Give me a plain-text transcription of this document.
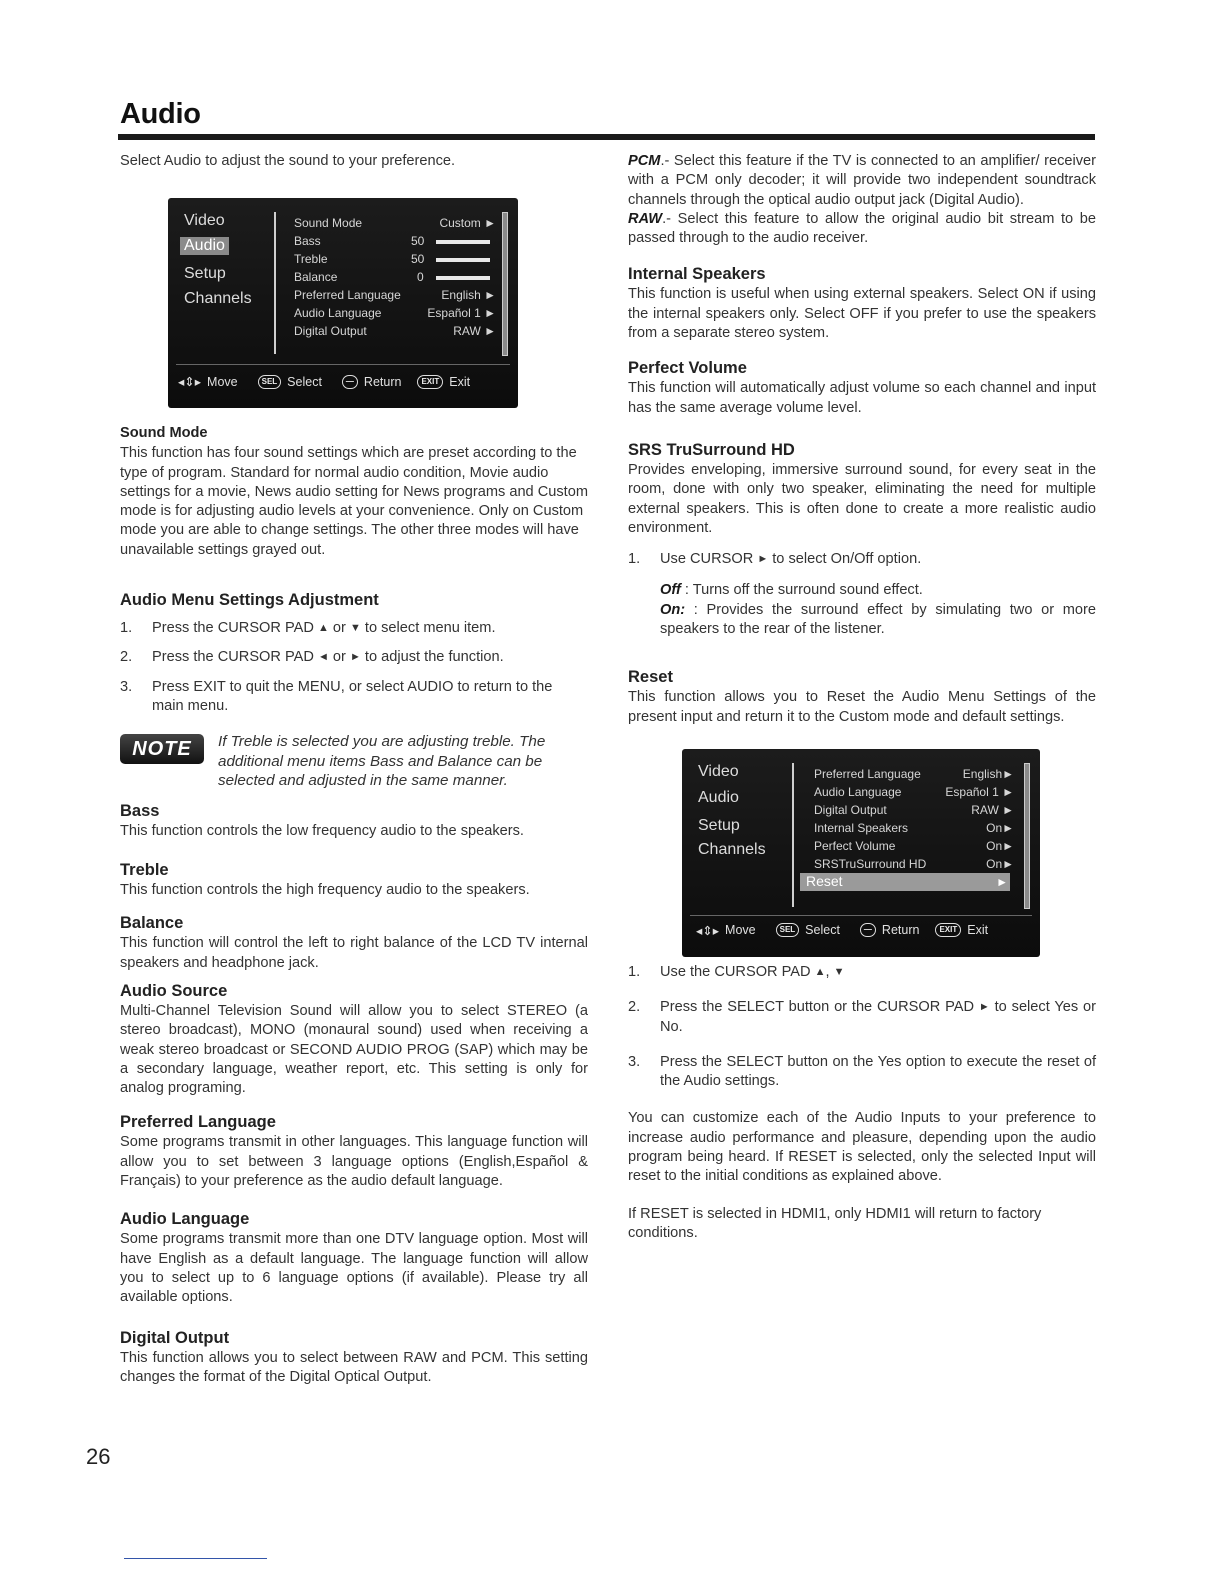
Audio

Select Audio to adjust the sound to your preference.

Video
Audio
Setup
Channels
Sound Mode	Custom ►
Bass	50
Treble	50
Balance	0
Preferred Language	English ►
Audio Language	Español 1 ►
Digital Output	RAW ►
◂⇕▸ Move	SEL Select	— Return	EXIT Exit

Sound Mode

This function has four sound settings which are preset according to the type of program. Standard for normal audio condition, Movie audio settings for a movie, News audio setting for News programs and Custom mode is for adjusting audio levels at your convenience. Only on Custom mode you are able to change settings. The other three modes will have unavailable settings grayed out.

Audio Menu Settings Adjustment

1.	Press the CURSOR PAD ▲ or ▼ to select menu item.
2.	Press the CURSOR PAD ◄ or ► to adjust the function.
3.	Press EXIT to quit the MENU, or select AUDIO to return to the main menu.
NOTE	If Treble is selected you are adjusting treble. The additional menu items Bass and Balance can be selected and adjusted in the same manner.

Bass

This function controls the low frequency audio to the speakers.

Treble

This function controls the high frequency audio to the speakers.

Balance

This function will control the left to right balance of the LCD TV internal speakers and headphone jack.

Audio Source

Multi-Channel Television Sound will allow you to select STEREO (a stereo broadcast), MONO (monaural sound) used when receiving a weak stereo broadcast or SECOND AUDIO PROG (SAP) which may be a secondary language, weather report, etc. This setting is only for analog programing.

Preferred Language

Some programs transmit in other languages. This language function will allow you to set between 3 language options (English,Español & Français) to your preference as the audio default language.

Audio Language

Some programs transmit more than one DTV language option. Most will have English as a default language. The language function will allow you to select up to 6 language options (if available). Please try all available options.

Digital Output

This function allows you to select between RAW and PCM. This setting changes the format of the Digital Optical Output.

PCM.- Select this feature if the TV is connected to an amplifier/ receiver with a PCM only decoder; it will provide two independent soundtrack channels through the optical audio output jack (Digital Audio).

RAW.- Select this feature to allow the original audio bit stream to be passed through to the audio receiver.

Internal Speakers

This function is useful when using external speakers. Select ON if using the internal speakers only. Select OFF if you prefer to use the speakers from a separate stereo system.

Perfect Volume

This function will automatically adjust volume so each channel and input has the same average volume level.

SRS TruSurround HD

Provides enveloping, immersive surround sound, for every seat in the room, done with only two speaker, eliminating the need for multiple external speakers. This is often done to create a more realistic audio environment.

1.	Use CURSOR ► to select On/Off option.

Off : Turns off the surround sound effect.

On: : Provides the surround effect by simulating two or more speakers to the rear of the listener.

Reset

This function allows you to Reset the Audio Menu Settings of the present input and return it to the Custom mode and default settings.

Video
Audio
Setup
Channels
Preferred Language	English►
Audio Language	Español 1 ►
Digital Output	RAW ►
Internal Speakers	On►
Perfect Volume	On►
SRSTruSurround HD	On►
Reset	►
◂⇕▸ Move	SEL Select	— Return	EXIT Exit
1.	Use the CURSOR PAD ▲, ▼
2.	Press the SELECT button or the CURSOR PAD ► to select Yes or No.
3.	Press the SELECT button on the Yes option to execute the reset of the Audio settings.

You can customize each of the Audio Inputs to your preference to increase audio performance and pleasure, depending upon the audio program being heard. If RESET is selected, only the selected Input will reset to the initial conditions as explained above.

If RESET is selected in HDMI1, only HDMI1 will return to factory conditions.

26
